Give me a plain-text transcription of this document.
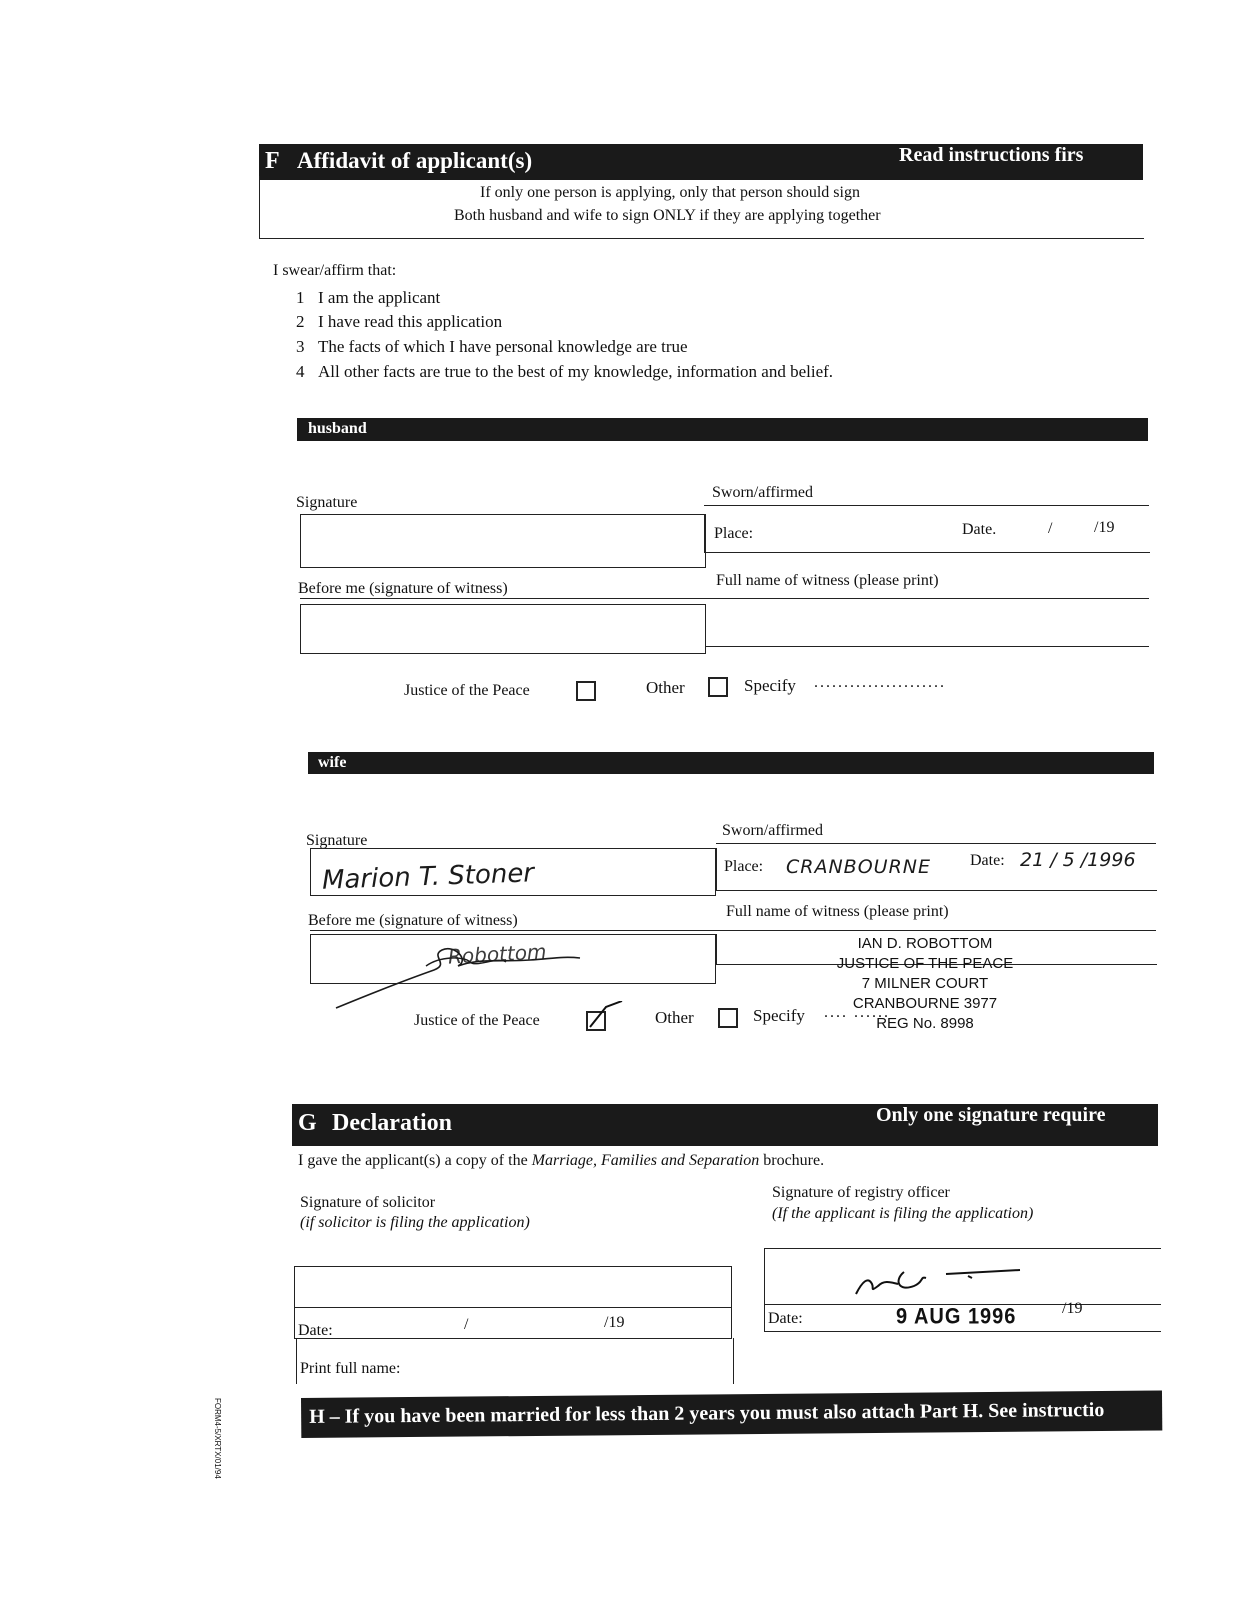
F Affidavit of applicant(s)	Read instructions firs
If only one person is applying, only that person should sign
Both husband and wife to sign ONLY if they are applying together
I swear/affirm that:
1 I am the applicant
2 I have read this application
3 The facts of which I have personal knowledge are true
4 All other facts are true to the best of my knowledge, information and belief.
husband
Signature
Sworn/affirmed
Place:	Date.	/	/19
Before me (signature of witness)	Full name of witness (please print)
Justice of the Peace	Other	Specify ......................
wife
Signature
Sworn/affirmed
Marion T. Stoner	Place: CRANBOURNE Date: 21 / 5 /1996
Before me (signature of witness)
Full name of witness (please print)
Robottom	IAN D. ROBOTTOM
JUSTICE OF THE PEACE
7 MILNER COURT
CRANBOURNE 3977
REG No. 8998
Justice of the Peace	Other	Specify .... ......
G Declaration	Only one signature require
I gave the applicant(s) a copy of the Marriage, Families and Separation brochure.
Signature of solicitor
(if solicitor is filing the application)
Signature of registry officer
(If the applicant is filing the application)
Date:	/	/19
Print full name:
Date:	9 AUG 1996	/19
H – If you have been married for less than 2 years you must also attach Part H. See instructio
FORM4-5/XRTX/01/94
